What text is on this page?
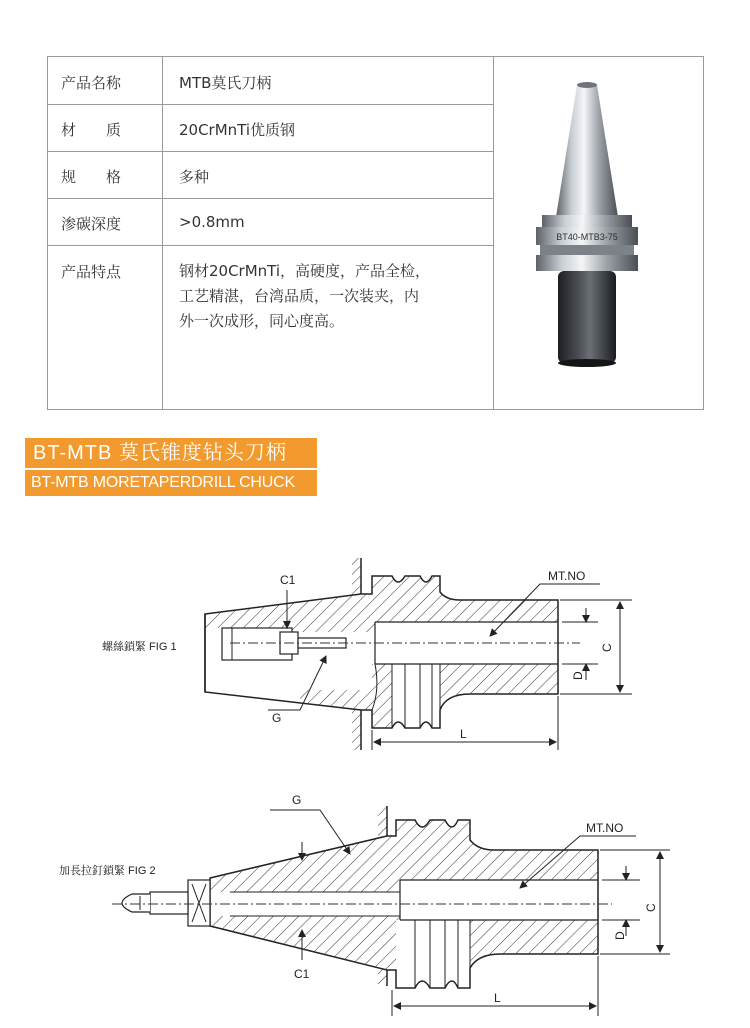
产品名称	MTB莫氏刀柄
材　　质	20CrMnTi优质钢
规　　格	多种
渗碳深度	>0.8mm
产品特点	钢材20CrMnTi，高硬度，产品全检，
工艺精湛，台湾品质，一次装夹，内
外一次成形，同心度高。
BT40-MTB3-75
BT-MTB 莫氏锥度钻头刀柄
BT-MTB MORETAPERDRILL CHUCK
C
D
L
MT.NO
C1
G
螺絲鎖緊 FIG 1
C
D
L
MT.NO
G
C1
加長拉釘鎖緊 FIG 2
